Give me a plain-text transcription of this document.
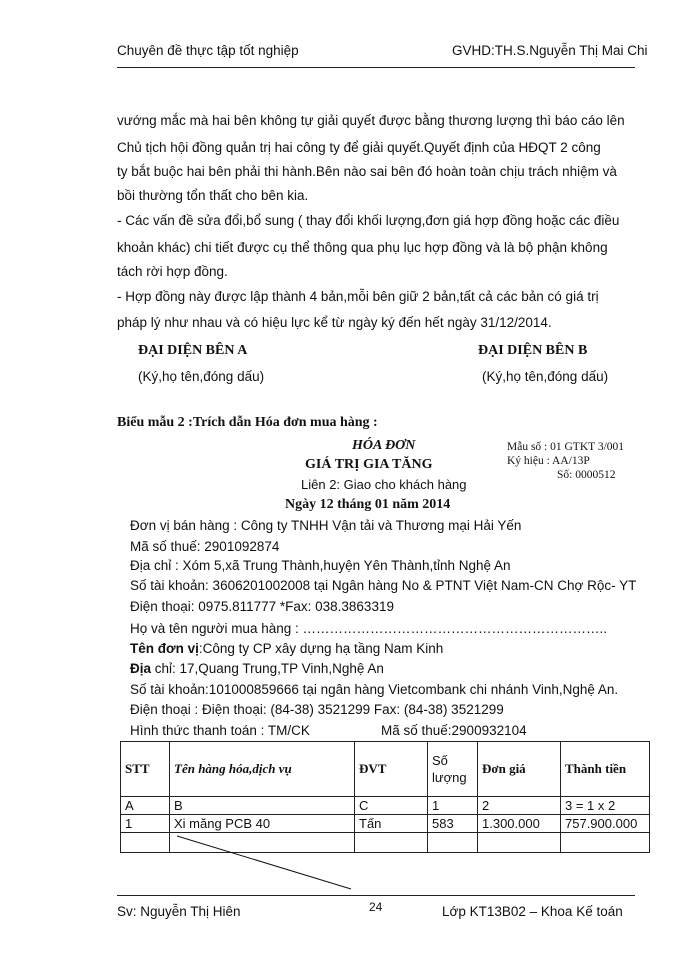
Chuyên đề thực tập tốt nghiệp	GVHD:TH.S.Nguyễn Thị Mai Chi
vướng mắc mà hai bên không tự giải quyết được bằng thương lượng thì báo cáo lên
Chủ tịch hội đồng quản trị hai công ty để giải quyết.Quyết định của HĐQT 2 công
ty bắt buộc hai bên phải thi hành.Bên nào sai bên đó hoàn toàn chịu trách nhiệm và
bồi thường tổn thất cho bên kia.
- Các vấn đề sửa đổi,bổ sung ( thay đổi khối lượng,đơn giá hợp đồng hoặc các điều
khoản khác) chi tiết được cụ thể thông qua phụ lục hợp đồng và là bộ phận không
tách rời hợp đồng.
- Hợp đồng này được lập thành 4 bản,mỗi bên giữ 2 bản,tất cả các bản có giá trị
pháp lý như nhau và có hiệu lực kể từ ngày ký đến hết ngày 31/12/2014.
ĐẠI DIỆN BÊN A
(Ký,họ tên,đóng dấu)
ĐẠI DIỆN BÊN B
(Ký,họ tên,đóng dấu)
Biểu mẫu 2 :Trích dẫn Hóa đơn mua hàng :
HÓA ĐƠN
GIÁ TRỊ GIA TĂNG
Liên 2: Giao cho khách hàng
Ngày 12 tháng 01 năm 2014
Mẫu số : 01 GTKT 3/001
Ký hiệu : AA/13P
Số: 0000512
Đơn vị bán hàng : Công ty TNHH Vận tải và Thương mại Hải Yến
Mã số thuế: 2901092874
Địa chỉ : Xóm 5,xã Trung Thành,huyện Yên Thành,tỉnh Nghệ An
Số tài khoản: 3606201002008 tại Ngân hàng No & PTNT Việt Nam-CN Chợ Rộc- YT
Điện thoại: 0975.811777 *Fax: 038.3863319
Họ và tên người mua hàng : …………………………………………………………..
Tên đơn vị:Công ty CP xây dựng hạ tầng Nam Kinh
Địa chỉ: 17,Quang Trung,TP Vinh,Nghệ An
Số tài khoản:101000859666 tại ngân hàng Vietcombank chi nhánh Vinh,Nghệ An.
Điện thoại : Điện thoại: (84-38) 3521299 Fax: (84-38) 3521299
Hình thức thanh toán : TM/CK	Mã số thuế:2900932104
STT	Tên hàng hóa,dịch vụ	ĐVT	Số lượng	Đơn giá	Thành tiền
A	B	C	1	2	3 = 1 x 2
1	Xi măng PCB 40	Tấn	583	1.300.000	757.900.000

Sv: Nguyễn Thị Hiên	24	Lớp KT13B02 – Khoa Kế toán
